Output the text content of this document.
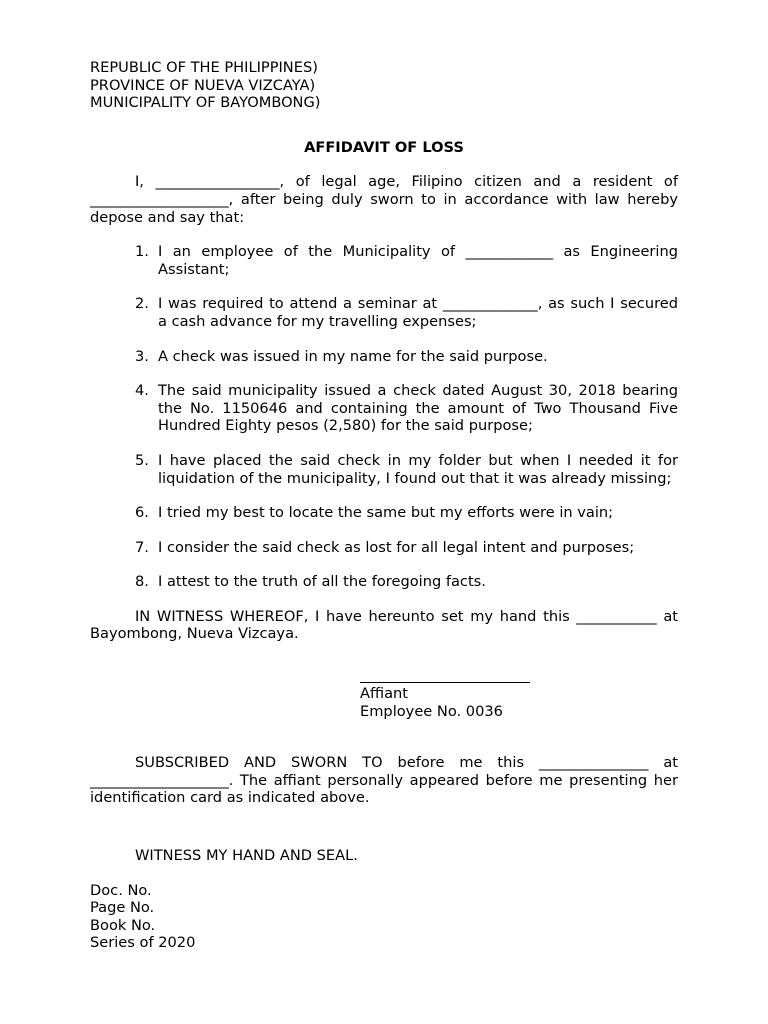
REPUBLIC OF THE PHILIPPINES)
PROVINCE OF NUEVA VIZCAYA)
MUNICIPALITY OF BAYOMBONG)
AFFIDAVIT OF LOSS
I, _________________, of legal age, Filipino citizen and a resident of ___________________, after being duly sworn to in accordance with law hereby depose and say that:
1. I an employee of the Municipality of ____________ as Engineering Assistant;
2. I was required to attend a seminar at _____________, as such I secured a cash advance for my travelling expenses;
3. A check was issued in my name for the said purpose.
4. The said municipality issued a check dated August 30, 2018 bearing the No. 1150646 and containing the amount of Two Thousand Five Hundred Eighty pesos (2,580) for the said purpose;
5. I have placed the said check in my folder but when I needed it for liquidation of the municipality, I found out that it was already missing;
6. I tried my best to locate the same but my efforts were in vain;
7. I consider the said check as lost for all legal intent and purposes;
8. I attest to the truth of all the foregoing facts.
IN WITNESS WHEREOF, I have hereunto set my hand this ___________ at Bayombong, Nueva Vizcaya.
Affiant
Employee No. 0036
SUBSCRIBED AND SWORN TO before me this _______________ at ___________________. The affiant personally appeared before me presenting her identification card as indicated above.
WITNESS MY HAND AND SEAL.
Doc. No.
Page No.
Book No.
Series of 2020
